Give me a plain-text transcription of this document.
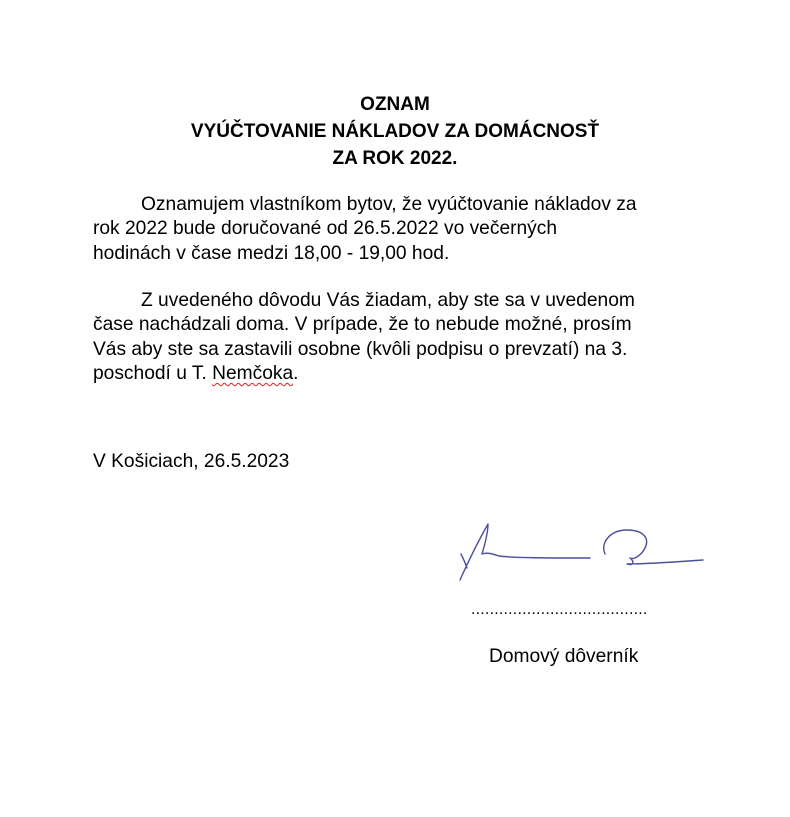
OZNAM
VYÚČTOVANIE NÁKLADOV ZA DOMÁCNOSŤ
ZA ROK 2022.
Oznamujem vlastníkom bytov, že vyúčtovanie nákladov za
rok 2022 bude doručované od 26.5.2022 vo večerných
hodinách v čase medzi 18,00 - 19,00 hod.
Z uvedeného dôvodu Vás žiadam, aby ste sa v uvedenom
čase nachádzali doma. V prípade, že to nebude možné, prosím
Vás aby ste sa zastavili osobne (kvôli podpisu o prevzatí) na 3.
poschodí u T. Nemčoka.
V Košiciach, 26.5.2023
......................................
Domový dôverník
